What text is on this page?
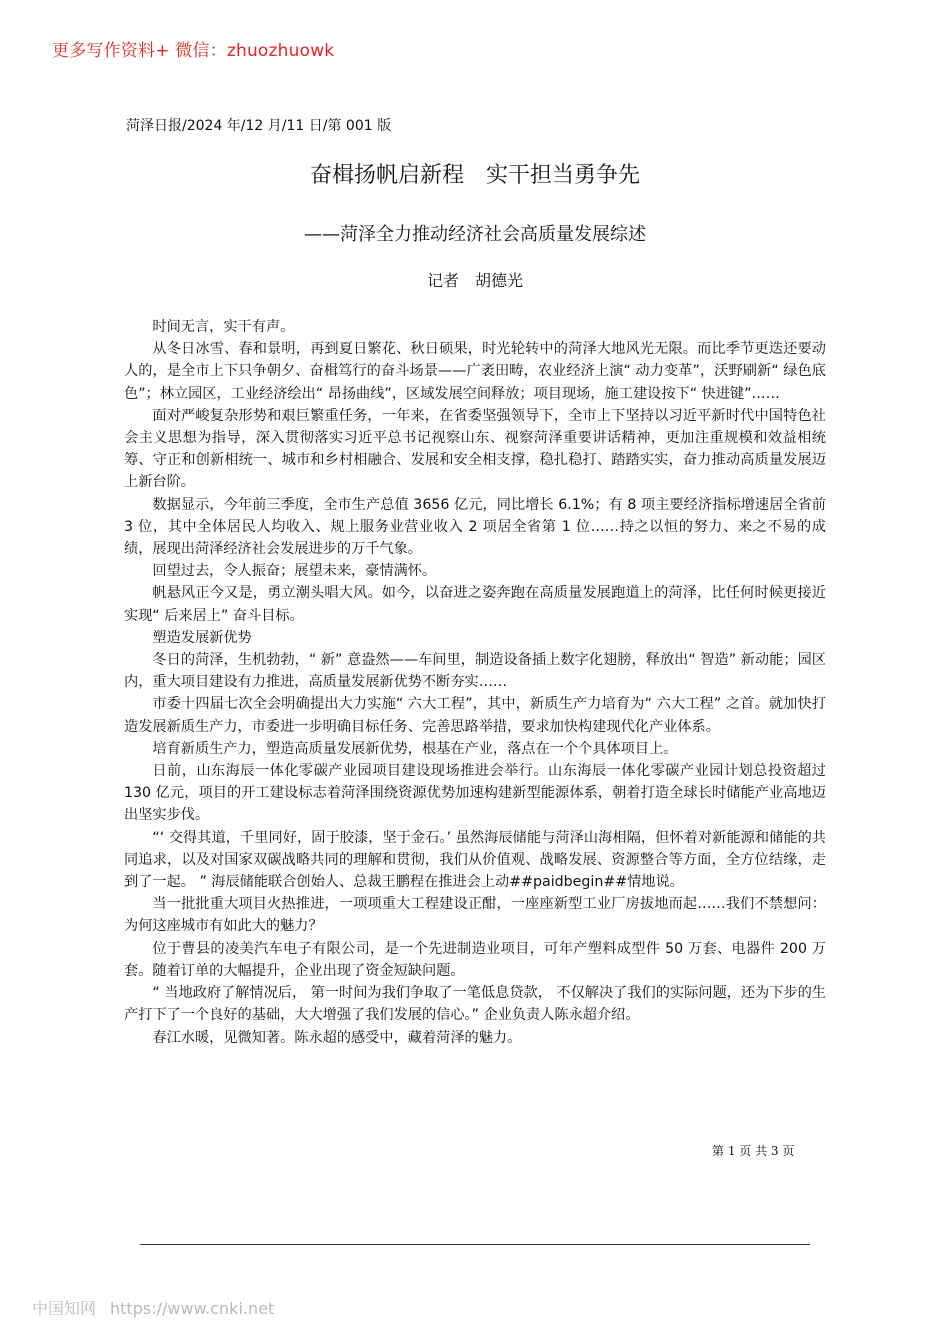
更多写作资料+ 微信：zhuozhuowk
菏泽日报/2024 年/12 月/11 日/第 001 版
奋楫扬帆启新程　实干担当勇争先
——菏泽全力推动经济社会高质量发展综述
记者　胡德光

时间无言，实干有声。

从冬日冰雪、春和景明，再到夏日繁花、秋日硕果，时光轮转中的菏泽大地风光无限。而比季节更迭还要动人的，是全市上下只争朝夕、奋楫笃行的奋斗场景——广袤田畴，农业经济上演“ 动力变革”，沃野刷新“ 绿色底色”；林立园区，工业经济绘出“ 昂扬曲线”，区域发展空间释放；项目现场，施工建设按下“ 快进键”……

面对严峻复杂形势和艰巨繁重任务，一年来，在省委坚强领导下，全市上下坚持以习近平新时代中国特色社会主义思想为指导，深入贯彻落实习近平总书记视察山东、视察菏泽重要讲话精神，更加注重规模和效益相统筹、守正和创新相统一、城市和乡村相融合、发展和安全相支撑，稳扎稳打、踏踏实实，奋力推动高质量发展迈上新台阶。

数据显示，今年前三季度，全市生产总值 3656 亿元，同比增长 6.1%；有 8 项主要经济指标增速居全省前 3 位，其中全体居民人均收入、规上服务业营业收入 2 项居全省第 1 位……持之以恒的努力、来之不易的成绩，展现出菏泽经济社会发展进步的万千气象。

回望过去，令人振奋；展望未来，豪情满怀。

帆悬风正今又是，勇立潮头唱大风。如今，以奋进之姿奔跑在高质量发展跑道上的菏泽，比任何时候更接近实现“ 后来居上” 奋斗目标。

塑造发展新优势

冬日的菏泽，生机勃勃，“ 新” 意盎然——车间里，制造设备插上数字化翅膀，释放出“ 智造” 新动能；园区内，重大项目建设有力推进，高质量发展新优势不断夯实……

市委十四届七次全会明确提出大力实施“ 六大工程”，其中，新质生产力培育为“ 六大工程” 之首。就加快打造发展新质生产力，市委进一步明确目标任务、完善思路举措，要求加快构建现代化产业体系。

培育新质生产力，塑造高质量发展新优势，根基在产业，落点在一个个具体项目上。

日前，山东海辰一体化零碳产业园项目建设现场推进会举行。山东海辰一体化零碳产业园计划总投资超过 130 亿元，项目的开工建设标志着菏泽围绕资源优势加速构建新型能源体系，朝着打造全球长时储能产业高地迈出坚实步伐。

“‘ 交得其道，千里同好，固于胶漆，坚于金石。’ 虽然海辰储能与菏泽山海相隔，但怀着对新能源和储能的共同追求，以及对国家双碳战略共同的理解和贯彻，我们从价值观、战略发展、资源整合等方面，全方位结缘，走到了一起。 ” 海辰储能联合创始人、总裁王鹏程在推进会上动##paidbegin##情地说。

当一批批重大项目火热推进，一项项重大工程建设正酣，一座座新型工业厂房拔地而起……我们不禁想问：为何这座城市有如此大的魅力？

位于曹县的凌美汽车电子有限公司，是一个先进制造业项目，可年产塑料成型件 50 万套、电器件 200 万套。随着订单的大幅提升，企业出现了资金短缺问题。

“ 当地政府了解情况后， 第一时间为我们争取了一笔低息贷款， 不仅解决了我们的实际问题，还为下步的生产打下了一个良好的基础，大大增强了我们发展的信心。” 企业负责人陈永超介绍。

春江水暖，见微知著。陈永超的感受中，藏着菏泽的魅力。

第 1 页 共 3 页
中国知网 https://www.cnki.net
